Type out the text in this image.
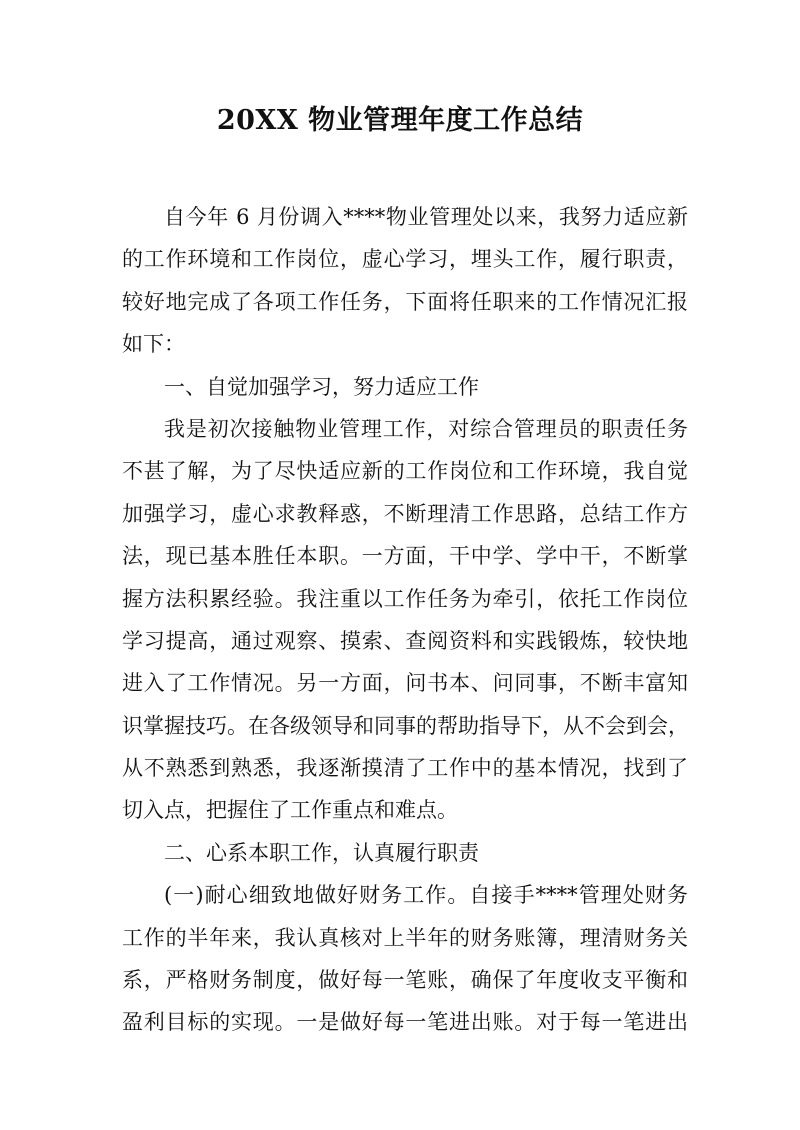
20XX 物业管理年度工作总结
自今年 6 月份调入****物业管理处以来，我努力适应新
的工作环境和工作岗位，虚心学习，埋头工作，履行职责，
较好地完成了各项工作任务，下面将任职来的工作情况汇报
如下：
一、自觉加强学习，努力适应工作
我是初次接触物业管理工作，对综合管理员的职责任务
不甚了解，为了尽快适应新的工作岗位和工作环境，我自觉
加强学习，虚心求教释惑，不断理清工作思路，总结工作方
法，现已基本胜任本职。一方面，干中学、学中干，不断掌
握方法积累经验。我注重以工作任务为牵引，依托工作岗位
学习提高，通过观察、摸索、查阅资料和实践锻炼，较快地
进入了工作情况。另一方面，问书本、问同事，不断丰富知
识掌握技巧。在各级领导和同事的帮助指导下，从不会到会，
从不熟悉到熟悉，我逐渐摸清了工作中的基本情况，找到了
切入点，把握住了工作重点和难点。
二、心系本职工作，认真履行职责
(一)耐心细致地做好财务工作。自接手****管理处财务
工作的半年来，我认真核对上半年的财务账簿，理清财务关
系，严格财务制度，做好每一笔账，确保了年度收支平衡和
盈利目标的实现。一是做好每一笔进出账。对于每一笔进出
